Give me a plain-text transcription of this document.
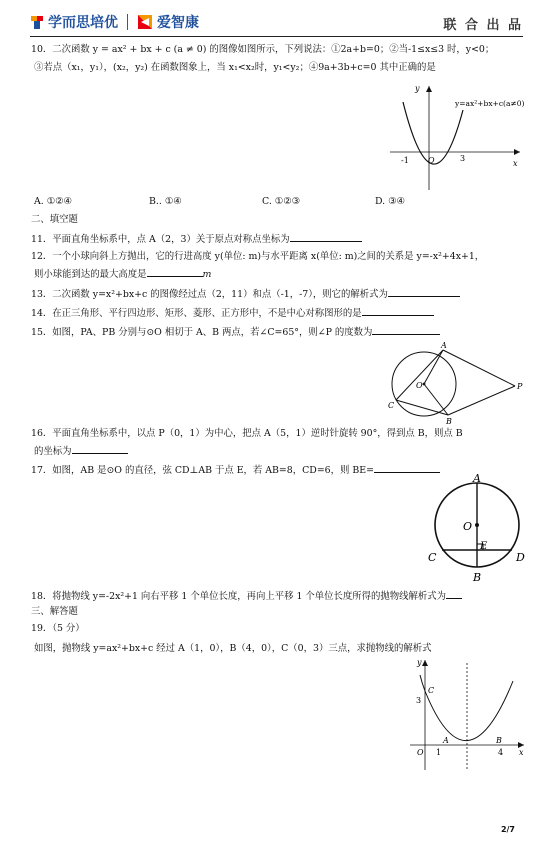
学而思培优	爱智康	联 合 出 品
10．二次函数 y = ax² + bx + c (a ≠ 0) 的图像如图所示，下列说法：①2a+b=0；②当-1≤x≤3 时，y<0；
③若点（x₁，y₁），(x₂，y₂) 在函数图象上，当 x₁<x₂时，y₁<y₂；④9a+3b+c=0 其中正确的是
y
x
-1 O	3
y=ax²+bx+c(a≠0)
A. ①②④	B.. ①④	C. ①②③	D. ③④
二、填空题
11．平面直角坐标系中，点 A（2，3）关于原点对称点坐标为
12．一个小球向斜上方抛出，它的行进高度 y(单位: m)与水平距离 x(单位: m)之间的关系是 y=-x²+4x+1，
则小球能到达的最大高度是	m
13．二次函数 y=x²+bx+c 的图像经过点（2，11）和点（-1，-7），则它的解析式为
14．在正三角形、平行四边形、矩形、菱形、正方形中，不是中心对称图形的是
15．如图，PA、PB 分别与⊙O 相切于 A、B 两点，若∠C=65°，则∠P 的度数为
A
B
C
O	P
16．平面直角坐标系中，以点 P（0，1）为中心，把点 A（5，1）逆时针旋转 90°，得到点 B，则点 B
的坐标为
17．如图，AB 是⊙O 的直径，弦 CD⊥AB 于点 E，若 AB=8，CD=6，则 BE=
A
B
C	D
E
O
18．将抛物线 y=-2x²+1 向右平移 1 个单位长度，再向上平移 1 个单位长度所得的抛物线解析式为
三、解答题
19．（5 分）
如图，抛物线 y=ax²+bx+c 经过 A（1，0），B（4，0），C（0，3）三点，求抛物线的解析式
y
x
C
3
O 1
A	B
4
2/7
